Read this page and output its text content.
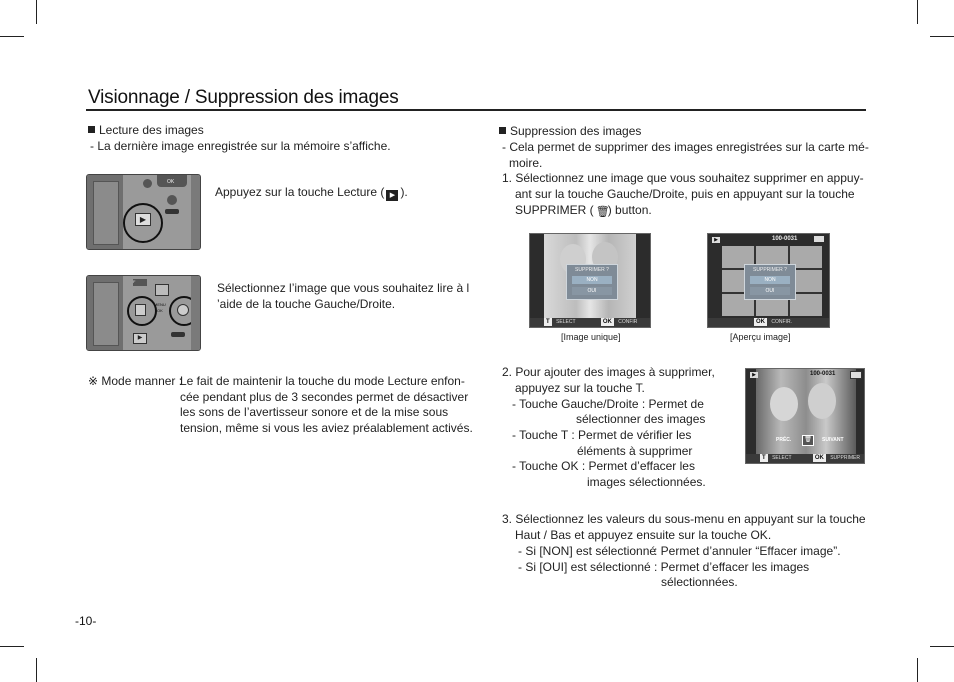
Visionnage / Suppression des images
Lecture des images
- La dernière image enregistrée sur la mémoire s’affiche.
OK
▶
Appuyez sur la touche Lecture ( ▶ ).
F
MENU
OK
▶
Sélectionnez l’image que vous souhaitez lire à l
’aide de la touche Gauche/Droite.
※ Mode manner :
Le fait de maintenir la touche du mode Lecture enfon-
cée pendant plus de 3 secondes permet de désactiver
les sons de l’avertisseur sonore et de la mise sous
tension, même si vous les aviez préalablement activés.
-10-
Suppression des images
- Cela permet de supprimer des images enregistrées sur la carte mé-
moire.
1. Sélectionnez une image que vous souhaitez supprimer en appuy-
ant sur la touche Gauche/Droite, puis en appuyant sur la touche
SUPPRIMER ( 🗑) button.
SUPPRIMER ?
NON
OUI
T SELECT	OK CONFIR
[Image unique]
▶	100-0031
SUPPRIMER ?
NON
OUI
OK CONFIR.
[Aperçu image]
2. Pour ajouter des images à supprimer,
appuyez sur la touche T.
- Touche Gauche/Droite : Permet de
sélectionner des images
- Touche T : Permet de vérifier les
éléments à supprimer
- Touche OK : Permet d’effacer les
images sélectionnées.
▶	100-0031
PRÉC.	🗑	SUIVANT
T SELECT	OK SUPPRIMER
3. Sélectionnez les valeurs du sous-menu en appuyant sur la touche
Haut / Bas et appuyez ensuite sur la touche OK.
- Si [NON] est sélectionné
: Permet d’annuler “Effacer image”.
- Si [OUI] est sélectionné : Permet d’effacer les images
sélectionnées.
